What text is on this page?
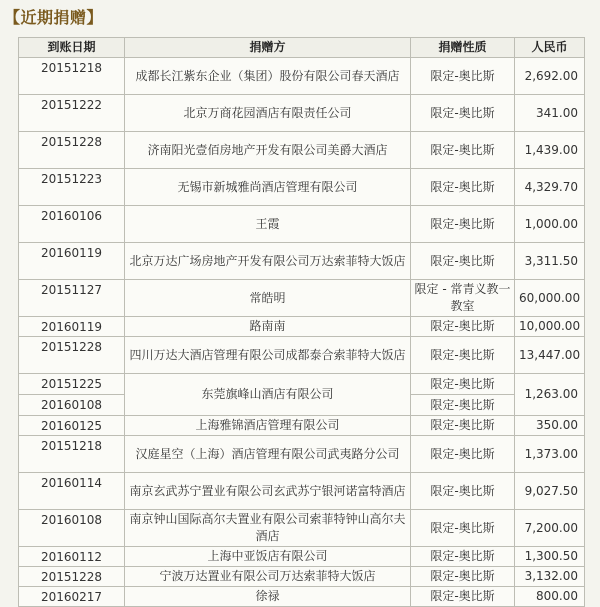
【近期捐赠】
到账日期	捐赠方	捐赠性质	人民币
20151218	成都长江紫东企业（集团）股份有限公司春天酒店	限定-奥比斯	2,692.00
20151222	北京万商花园酒店有限责任公司	限定-奥比斯	341.00
20151228	济南阳光壹佰房地产开发有限公司美爵大酒店	限定-奥比斯	1,439.00
20151223	无锡市新城雅尚酒店管理有限公司	限定-奥比斯	4,329.70
20160106	王霞	限定-奥比斯	1,000.00
20160119	北京万达广场房地产开发有限公司万达索菲特大饭店	限定-奥比斯	3,311.50
20151127	常皓明	限定 - 常青义教一教室	60,000.00
20160119	路南南	限定-奥比斯	10,000.00
20151228	四川万达大酒店管理有限公司成都泰合索菲特大饭店	限定-奥比斯	13,447.00
20151225	东莞旗峰山酒店有限公司	限定-奥比斯	1,263.00
20160108		限定-奥比斯	
20160125	上海雅锦酒店管理有限公司	限定-奥比斯	350.00
20151218	汉庭星空（上海）酒店管理有限公司武夷路分公司	限定-奥比斯	1,373.00
20160114	南京玄武苏宁置业有限公司玄武苏宁银河诺富特酒店	限定-奥比斯	9,027.50
20160108	南京钟山国际高尔夫置业有限公司索菲特钟山高尔夫酒店	限定-奥比斯	7,200.00
20160112	上海中亚饭店有限公司	限定-奥比斯	1,300.50
20151228	宁波万达置业有限公司万达索菲特大饭店	限定-奥比斯	3,132.00
20160217	徐禄	限定-奥比斯	800.00
